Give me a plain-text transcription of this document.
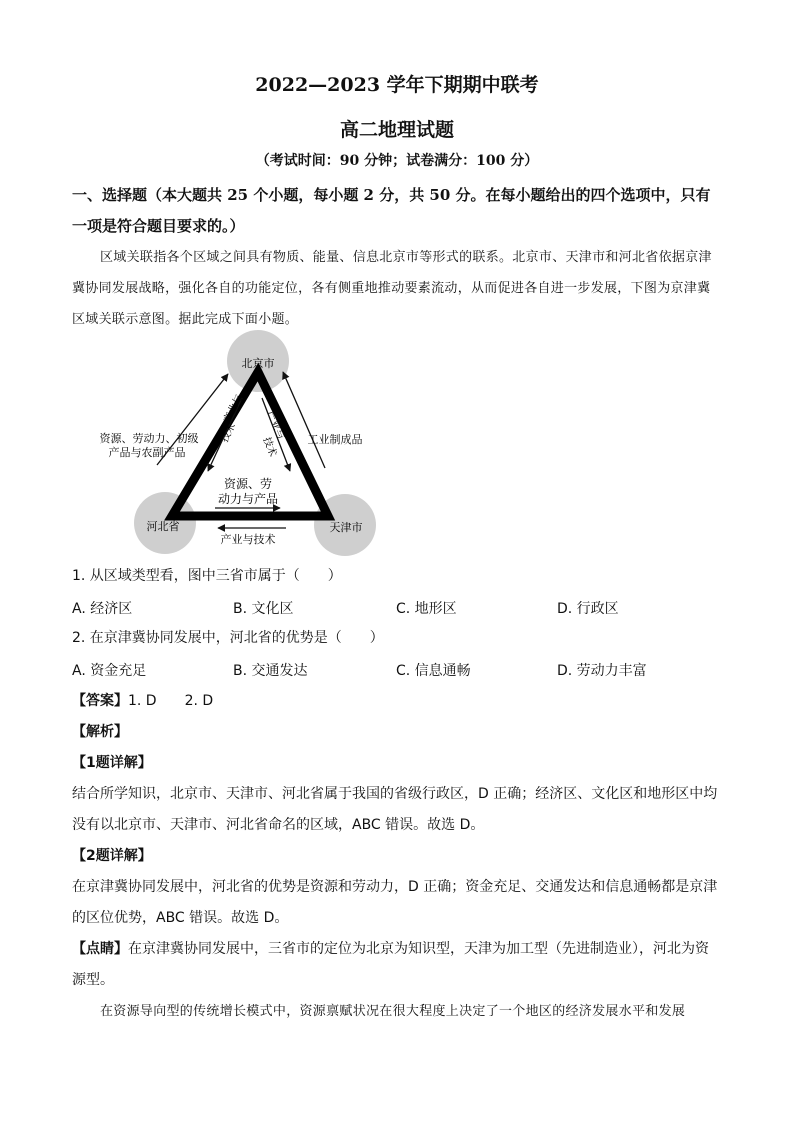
2022—2023 学年下期期中联考
高二地理试题
（考试时间：90 分钟；试卷满分：100 分）
一、选择题（本大题共 25 个小题，每小题 2 分，共 50 分。在每小题给出的四个选项中，只有一项是符合题目要求的。）
区域关联指各个区域之间具有物质、能量、信息北京市等形式的联系。北京市、天津市和河北省依据京津冀协同发展战略，强化各自的功能定位，各有侧重地推动要素流动，从而促进各自进一步发展，下图为京津冀区域关联示意图。据此完成下面小题。
北京市
河北省	天津市
资源、劳动力、初级
产品与农副产品
工业制成品
产业与
技术	产业与
技术
资源、劳
动力与产品
产业与技术
1. 从区域类型看，图中三省市属于（　　）
A. 经济区	B. 文化区	C. 地形区	D. 行政区
2. 在京津冀协同发展中，河北省的优势是（　　）
A. 资金充足	B. 交通发达	C. 信息通畅	D. 劳动力丰富
【答案】1. D　　2. D
【解析】
【1题详解】
结合所学知识，北京市、天津市、河北省属于我国的省级行政区，D 正确；经济区、文化区和地形区中均没有以北京市、天津市、河北省命名的区域，ABC 错误。故选 D。
【2题详解】
在京津冀协同发展中，河北省的优势是资源和劳动力，D 正确；资金充足、交通发达和信息通畅都是京津的区位优势，ABC 错误。故选 D。
【点睛】在京津冀协同发展中，三省市的定位为北京为知识型，天津为加工型（先进制造业），河北为资源型。
在资源导向型的传统增长模式中，资源禀赋状况在很大程度上决定了一个地区的经济发展水平和发展
